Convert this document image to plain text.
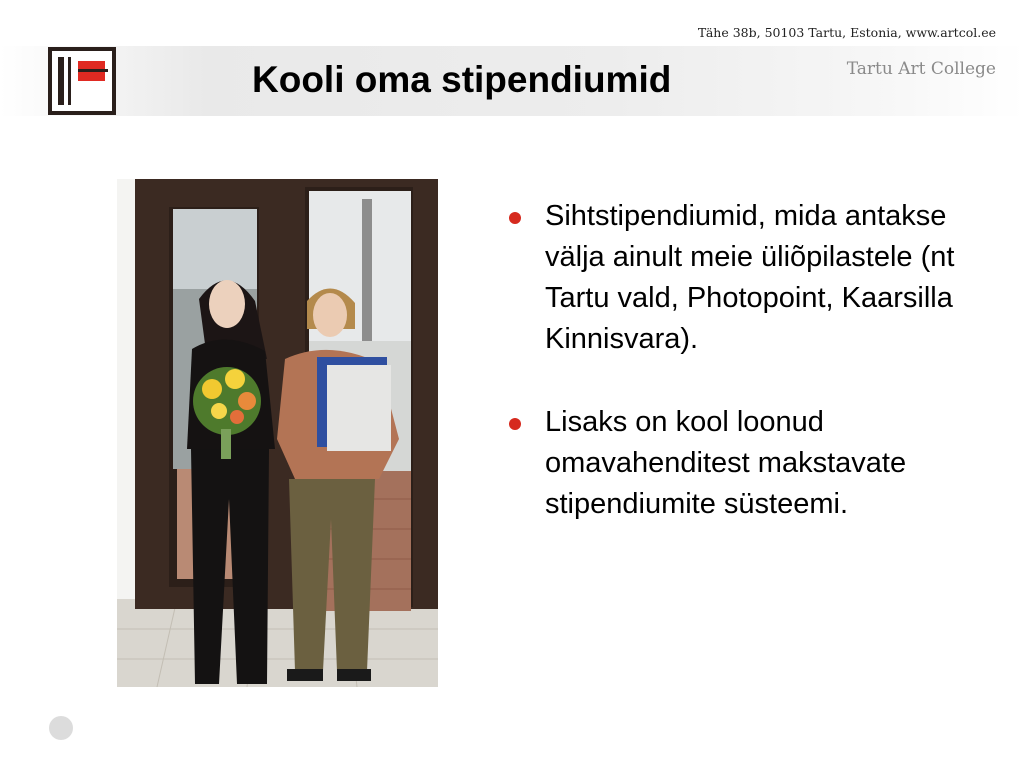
Tähe 38b, 50103 Tartu, Estonia, www.artcol.ee
Tartu Art College
Kooli oma stipendiumid
Sihtstipendiumid, mida antakse välja ainult meie üliõpilastele (nt Tartu vald, Photopoint, Kaarsilla Kinnisvara).
Lisaks on kool loonud omavahenditest makstavate stipendiumite süsteemi.
